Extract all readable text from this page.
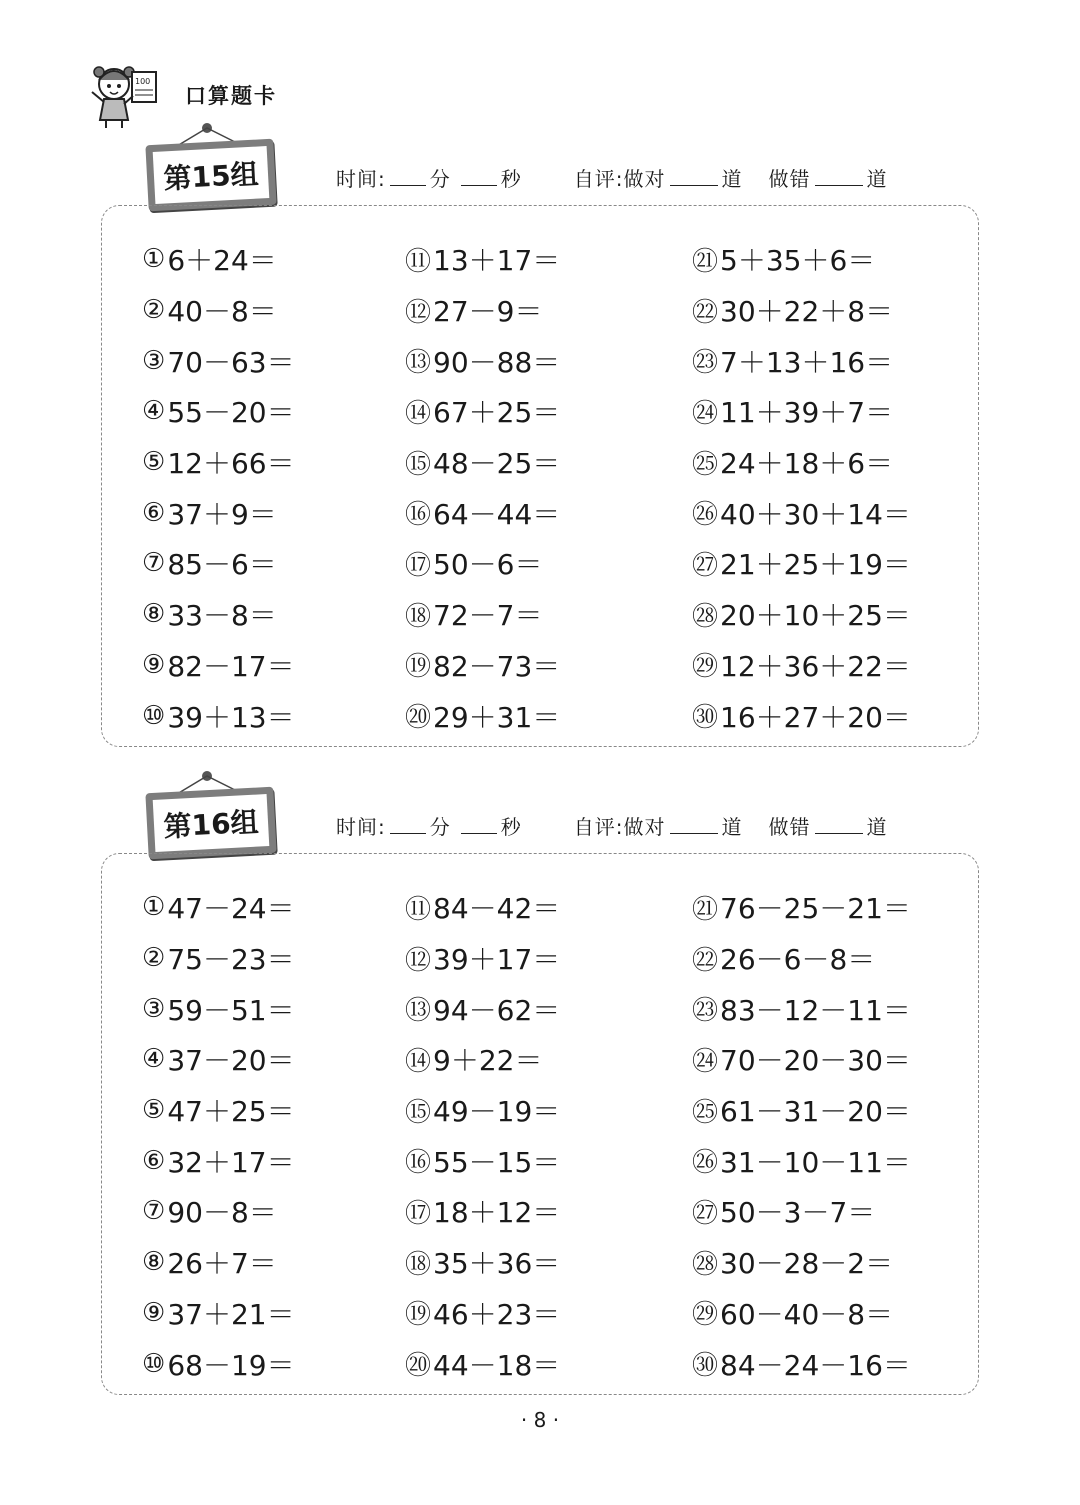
100
口算题卡
第15组	时间: 分	秒	自评:做对	道 做错	道
① 6＋24＝
② 40－8＝
③ 70－63＝
④ 55－20＝
⑤ 12＋66＝
⑥ 37＋9＝
⑦ 85－6＝
⑧ 33－8＝
⑨ 82－17＝
⑩ 39＋13＝
⑪ 13＋17＝
⑫ 27－9＝
⑬ 90－88＝
⑭ 67＋25＝
⑮ 48－25＝
⑯ 64－44＝
⑰ 50－6＝
⑱ 72－7＝
⑲ 82－73＝
⑳ 29＋31＝
㉑ 5＋35＋6＝
㉒ 30＋22＋8＝
㉓ 7＋13＋16＝
㉔ 11＋39＋7＝
㉕ 24＋18＋6＝
㉖ 40＋30＋14＝
㉗ 21＋25＋19＝
㉘ 20＋10＋25＝
㉙ 12＋36＋22＝
㉚ 16＋27＋20＝
第16组	时间: 分	秒	自评:做对	道 做错	道
① 47－24＝
② 75－23＝
③ 59－51＝
④ 37－20＝
⑤ 47＋25＝
⑥ 32＋17＝
⑦ 90－8＝
⑧ 26＋7＝
⑨ 37＋21＝
⑩ 68－19＝
⑪ 84－42＝
⑫ 39＋17＝
⑬ 94－62＝
⑭ 9＋22＝
⑮ 49－19＝
⑯ 55－15＝
⑰ 18＋12＝
⑱ 35＋36＝
⑲ 46＋23＝
⑳ 44－18＝
㉑ 76－25－21＝
㉒ 26－6－8＝
㉓ 83－12－11＝
㉔ 70－20－30＝
㉕ 61－31－20＝
㉖ 31－10－11＝
㉗ 50－3－7＝
㉘ 30－28－2＝
㉙ 60－40－8＝
㉚ 84－24－16＝
· 8 ·
